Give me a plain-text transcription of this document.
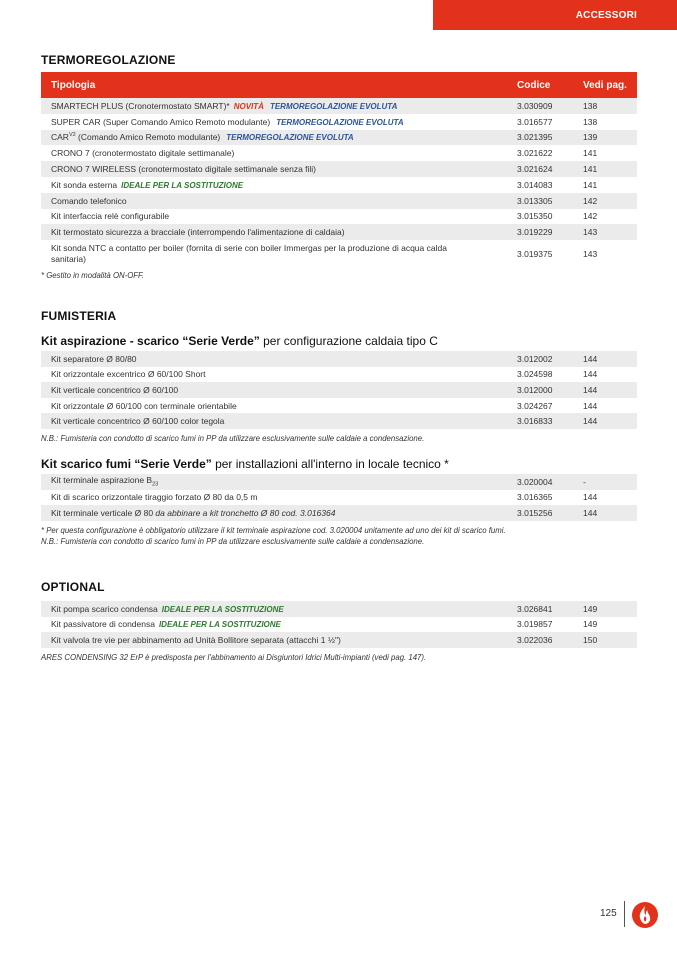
ACCESSORI
TERMOREGOLAZIONE
Tipologia	Codice	Vedi pag.
SMARTECH PLUS (Cronotermostato SMART)* NOVITÀ TERMOREGOLAZIONE EVOLUTA	3.030909	138
SUPER CAR (Super Comando Amico Remoto modulante) TERMOREGOLAZIONE EVOLUTA	3.016577	138
$CAR^{V2}$ (Comando Amico Remoto modulante) TERMOREGOLAZIONE EVOLUTA	3.021395	139
CRONO 7 (cronotermostato digitale settimanale)	3.021622	141
CRONO 7 WIRELESS (cronotermostato digitale settimanale senza fili)	3.021624	141
Kit sonda esterna IDEALE PER LA SOSTITUZIONE	3.014083	141
Comando telefonico	3.013305	142
Kit interfaccia relè configurabile	3.015350	142
Kit termostato sicurezza a bracciale (interrompendo l'alimentazione di caldaia)	3.019229	143
Kit sonda NTC a contatto per boiler (fornita di serie con boiler Immergas per la produzione di acqua calda sanitaria)	3.019375	143
* Gestito in modalità ON-OFF.
FUMISTERIA
Kit aspirazione - scarico “Serie Verde” per configurazione caldaia tipo C
Kit separatore Ø 80/80	3.012002	144
Kit orizzontale excentrico Ø 60/100 Short	3.024598	144
Kit verticale concentrico Ø 60/100	3.012000	144
Kit orizzontale Ø 60/100 con terminale orientabile	3.024267	144
Kit verticale concentrico Ø 60/100 color tegola	3.016833	144
N.B.: Fumisteria con condotto di scarico fumi in PP da utilizzare esclusivamente sulle caldaie a condensazione.
Kit scarico fumi “Serie Verde” per installazioni all'interno in locale tecnico *
Kit terminale aspirazione $B_{23}$	3.020004	-
Kit di scarico orizzontale tiraggio forzato Ø 80 da 0,5 m	3.016365	144
Kit terminale verticale Ø 80 da abbinare a kit tronchetto Ø 80 cod. 3.016364	3.015256	144
* Per questa configurazione è obbligatorio utilizzare il kit terminale aspirazione cod. 3.020004 unitamente ad uno dei kit di scarico fumi.
N.B.: Fumisteria con condotto di scarico fumi in PP da utilizzare esclusivamente sulle caldaie a condensazione.
OPTIONAL
Kit pompa scarico condensa IDEALE PER LA SOSTITUZIONE	3.026841	149
Kit passivatore di condensa IDEALE PER LA SOSTITUZIONE	3.019857	149
Kit valvola tre vie per abbinamento ad Unità Bollitore separata (attacchi 1 ½")	3.022036	150
ARES CONDENSING 32 ErP è predisposta per l'abbinamento ai Disgiuntori Idrici Multi-impianti (vedi pag. 147).
125
